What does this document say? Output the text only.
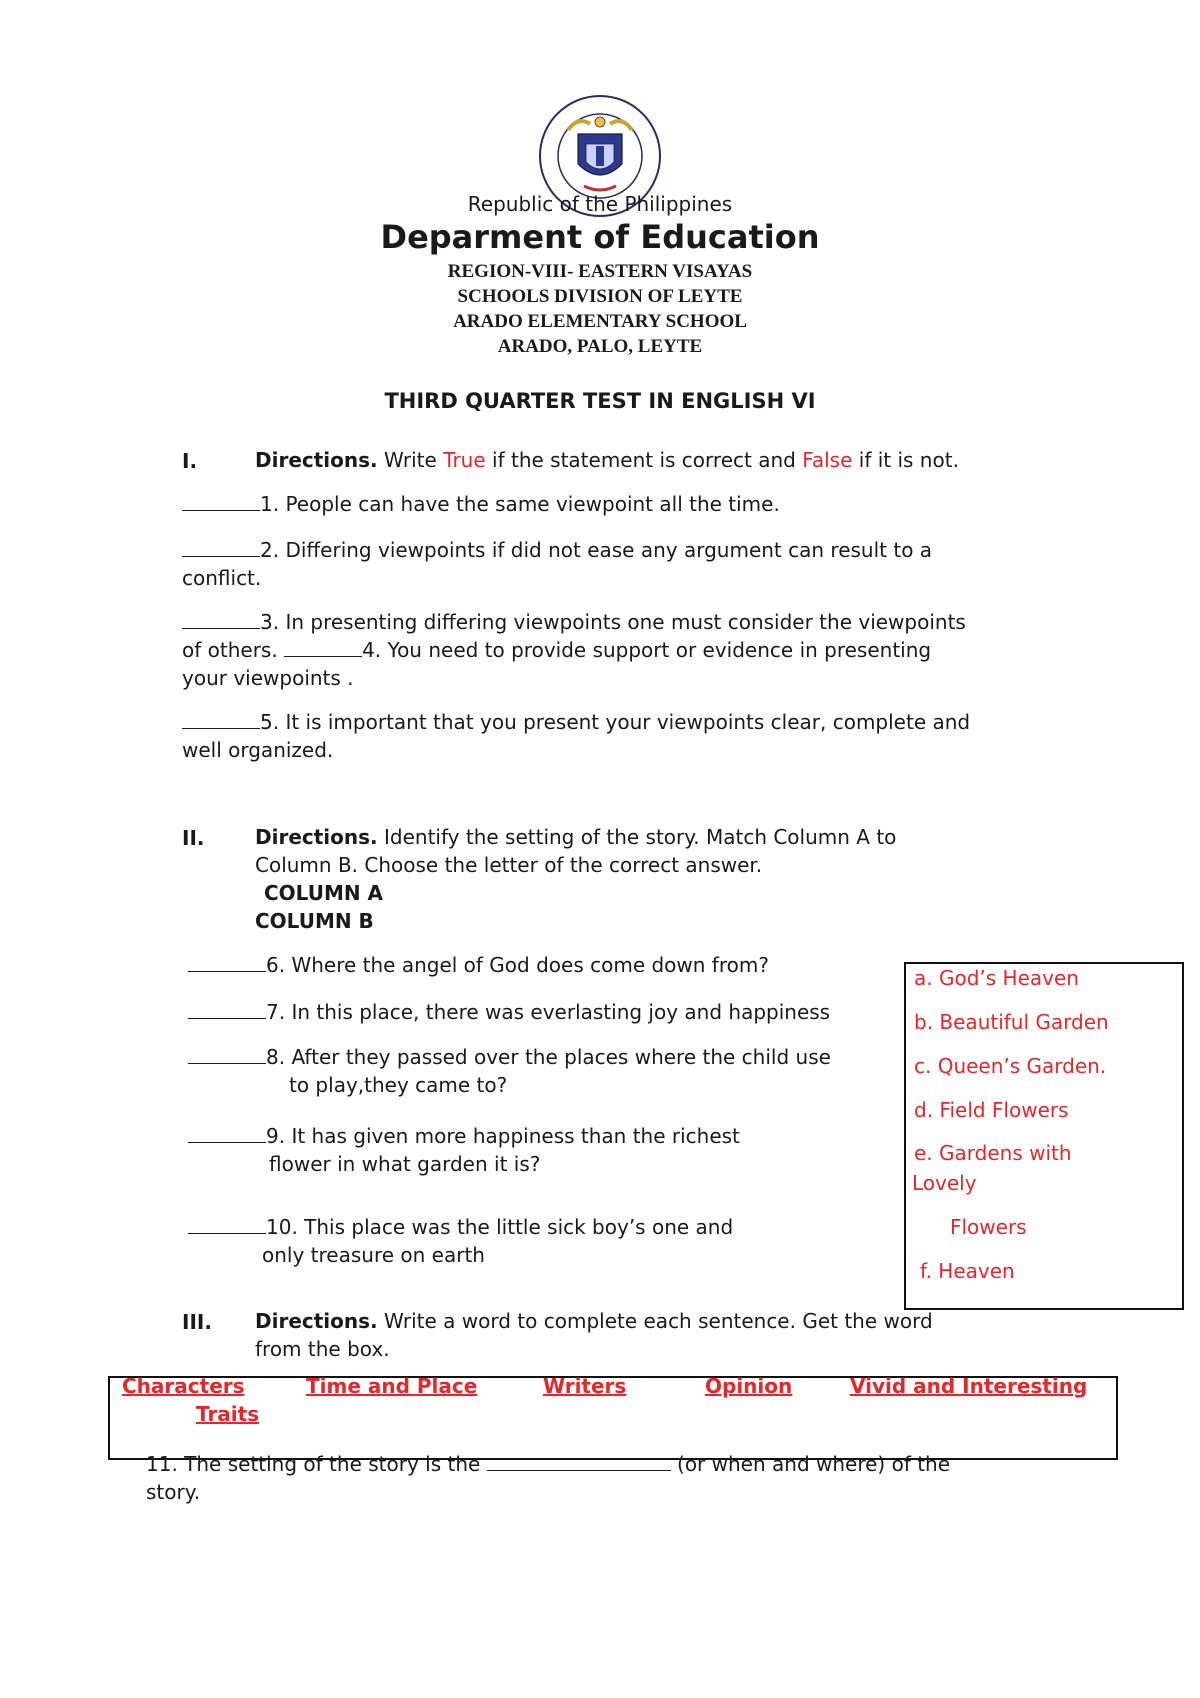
Republic of the Philippines
Deparment of Education
REGION-VIII- EASTERN VISAYAS
SCHOOLS DIVISION OF LEYTE
ARADO ELEMENTARY SCHOOL
ARADO, PALO, LEYTE
THIRD QUARTER TEST IN ENGLISH VI
I.	Directions. Write True if the statement is correct and False if it is not.
1. People can have the same viewpoint all the time.
2. Differing viewpoints if did not ease any argument can result to a
conflict.
3. In presenting differing viewpoints one must consider the viewpoints
of others.	4. You need to provide support or evidence in presenting
your viewpoints .
5. It is important that you present your viewpoints clear, complete and
well organized.
II.	Directions. Identify the setting of the story. Match Column A to
Column B. Choose the letter of the correct answer.
COLUMN A
COLUMN B
6. Where the angel of God does come down from?
7. In this place, there was everlasting joy and happiness
8. After they passed over the places where the child use
to play,they came to?
9. It has given more happiness than the richest
flower in what garden it is?
10. This place was the little sick boy’s one and
only treasure on earth
a. God’s Heaven
b. Beautiful Garden
c. Queen’s Garden.
d. Field Flowers
e. Gardens with
Lovely
Flowers
f. Heaven
III. Directions. Write a word to complete each sentence. Get the word
from the box.
Characters
Traits
Time and Place	Writers	Opinion	Vivid and Interesting
11. The setting of the story is the	(or when and where) of the
story.
